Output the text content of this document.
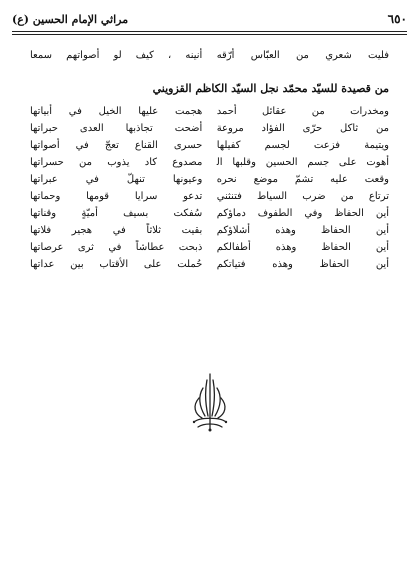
٦٥٠
مراثي الإمام الحسين (ع)
فليت شعري من العبّاس أرّقه
أنينه ، كيف لو أصواتهم سمعا
من قصيدة للسيّد محمّد نجل السيّد الكاظم القزويني
ومخدرات من عقائل أحمد
هجمت عليها الخيل في أبياتها
من ثاكل حرّى الفؤاد مروعة
أضحت تجاذبها العدى حبراتها
ويتيمة فزعت لجسم كفيلها
حسرى القناع تعجّ في أصواتها
أهوت على جسم الحسين وقلبها ال‍
مصدوع كاد يذوب من حسراتها
وقعت عليه تشمّ موضع نحره
وعيونها تنهلّ في عبراتها
ترتاع من ضرب السياط فتنثني
تدعو سرايا قومها وحماتها
أين الحفاظ وفي الطفوف دماؤكم
سُفكت بسيف أميّةٍ وقناتها
أين الحفاظ وهذه أشلاؤكم
بقيت ثلاثاً في هجير فلاتها
أين الحفاظ وهذه أطفالكم
ذبحت عطاشاً في ثرى عرصاتها
أين الحفاظ وهذه فتياتكم
حُملت على الأقتاب بين عداتها
